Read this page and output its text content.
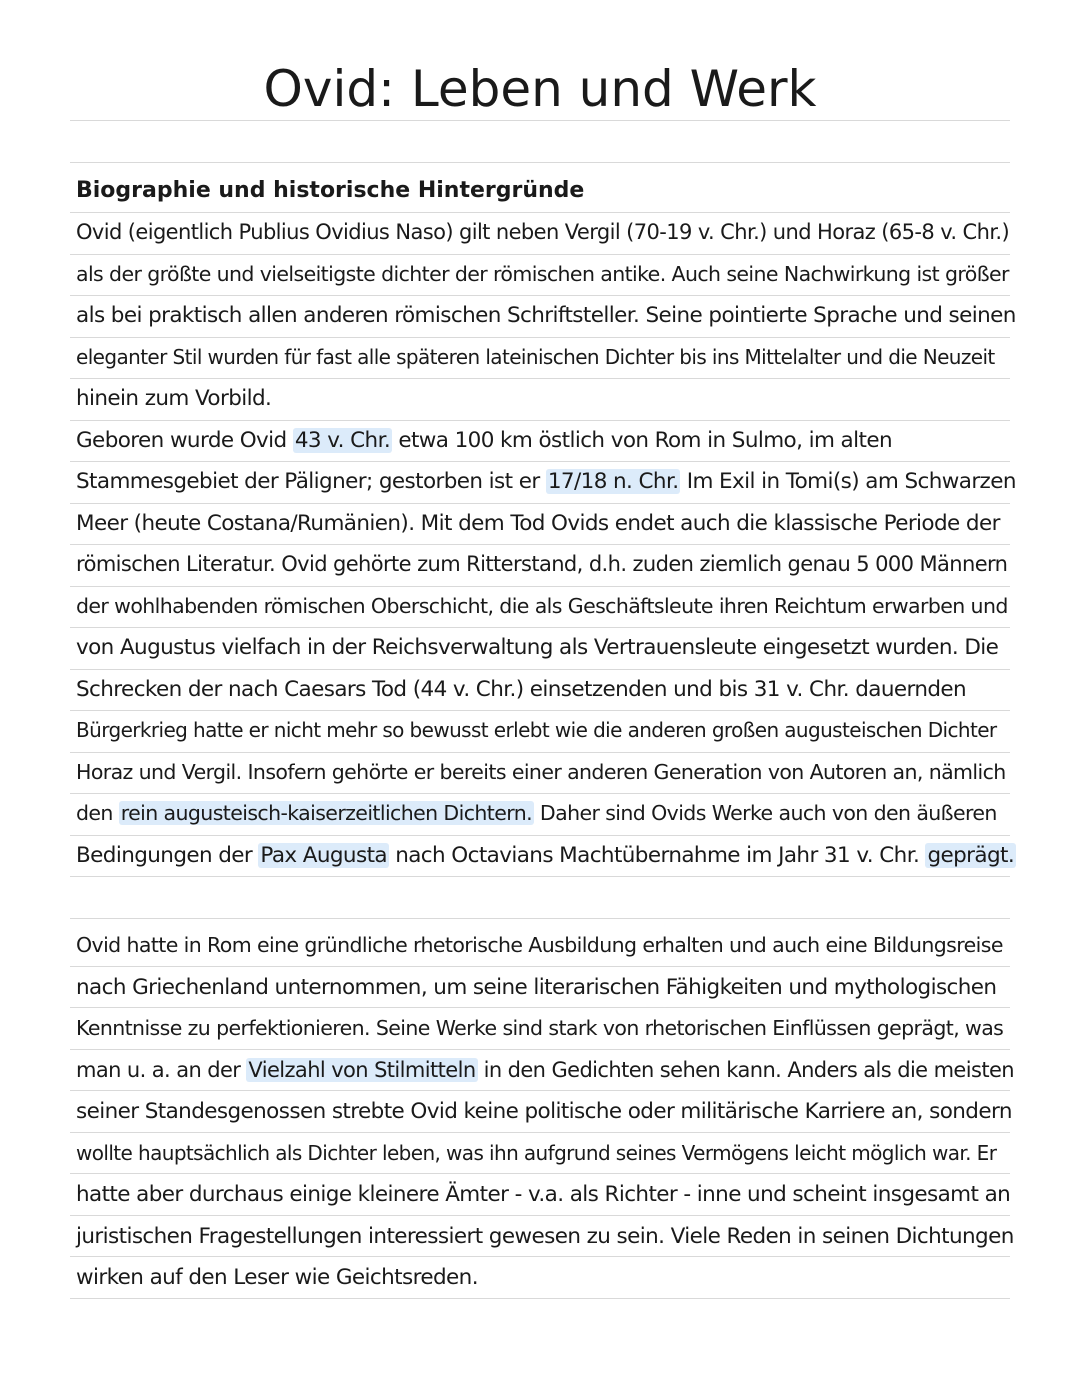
Ovid: Leben und Werk
Biographie und historische Hintergründe
Ovid (eigentlich Publius Ovidius Naso) gilt neben Vergil (70-19 v. Chr.) und Horaz (65-8 v. Chr.)
als der größte und vielseitigste dichter der römischen antike. Auch seine Nachwirkung ist größer
als bei praktisch allen anderen römischen Schriftsteller. Seine pointierte Sprache und seinen
eleganter Stil wurden für fast alle späteren lateinischen Dichter bis ins Mittelalter und die Neuzeit
hinein zum Vorbild.
Geboren wurde Ovid 43 v. Chr. etwa 100 km östlich von Rom in Sulmo, im alten
Stammesgebiet der Päligner; gestorben ist er 17/18 n. Chr. Im Exil in Tomi(s) am Schwarzen
Meer (heute Costana/Rumänien). Mit dem Tod Ovids endet auch die klassische Periode der
römischen Literatur. Ovid gehörte zum Ritterstand, d.h. zuden ziemlich genau 5 000 Männern
der wohlhabenden römischen Oberschicht, die als Geschäftsleute ihren Reichtum erwarben und
von Augustus vielfach in der Reichsverwaltung als Vertrauensleute eingesetzt wurden. Die
Schrecken der nach Caesars Tod (44 v. Chr.) einsetzenden und bis 31 v. Chr. dauernden
Bürgerkrieg hatte er nicht mehr so bewusst erlebt wie die anderen großen augusteischen Dichter
Horaz und Vergil. Insofern gehörte er bereits einer anderen Generation von Autoren an, nämlich
den rein augusteisch-kaiserzeitlichen Dichtern. Daher sind Ovids Werke auch von den äußeren
Bedingungen der Pax Augusta nach Octavians Machtübernahme im Jahr 31 v. Chr. geprägt.
Ovid hatte in Rom eine gründliche rhetorische Ausbildung erhalten und auch eine Bildungsreise
nach Griechenland unternommen, um seine literarischen Fähigkeiten und mythologischen
Kenntnisse zu perfektionieren. Seine Werke sind stark von rhetorischen Einflüssen geprägt, was
man u. a. an der Vielzahl von Stilmitteln in den Gedichten sehen kann. Anders als die meisten
seiner Standesgenossen strebte Ovid keine politische oder militärische Karriere an, sondern
wollte hauptsächlich als Dichter leben, was ihn aufgrund seines Vermögens leicht möglich war. Er
hatte aber durchaus einige kleinere Ämter - v.a. als Richter - inne und scheint insgesamt an
juristischen Fragestellungen interessiert gewesen zu sein. Viele Reden in seinen Dichtungen
wirken auf den Leser wie Geichtsreden.
